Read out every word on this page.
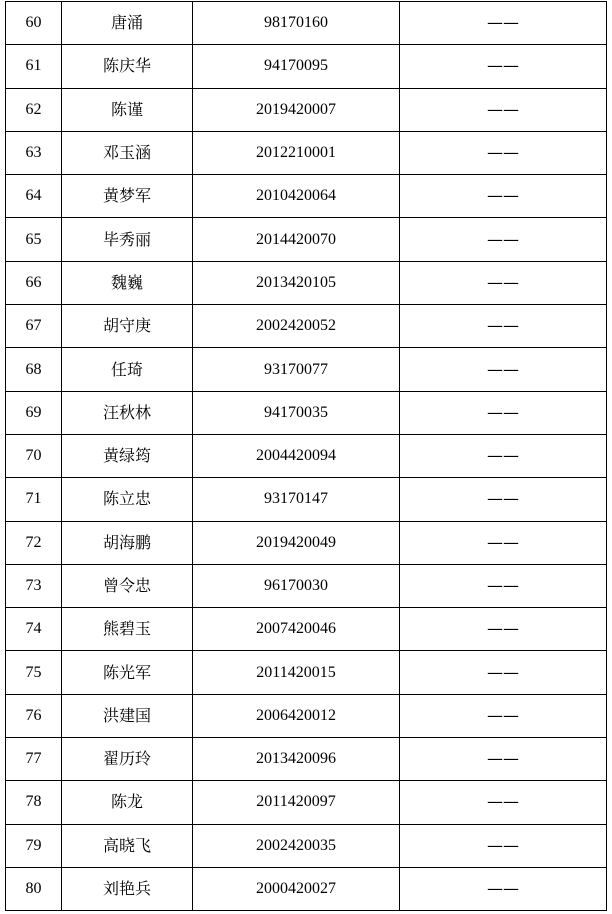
60	唐涌	98170160	——
61	陈庆华	94170095	——
62	陈谨	2019420007	——
63	邓玉涵	2012210001	——
64	黄梦军	2010420064	——
65	毕秀丽	2014420070	——
66	魏巍	2013420105	——
67	胡守庚	2002420052	——
68	任琦	93170077	——
69	汪秋林	94170035	——
70	黄绿筠	2004420094	——
71	陈立忠	93170147	——
72	胡海鹏	2019420049	——
73	曾令忠	96170030	——
74	熊碧玉	2007420046	——
75	陈光军	2011420015	——
76	洪建国	2006420012	——
77	翟历玲	2013420096	——
78	陈龙	2011420097	——
79	高晓飞	2002420035	——
80	刘艳兵	2000420027	——
